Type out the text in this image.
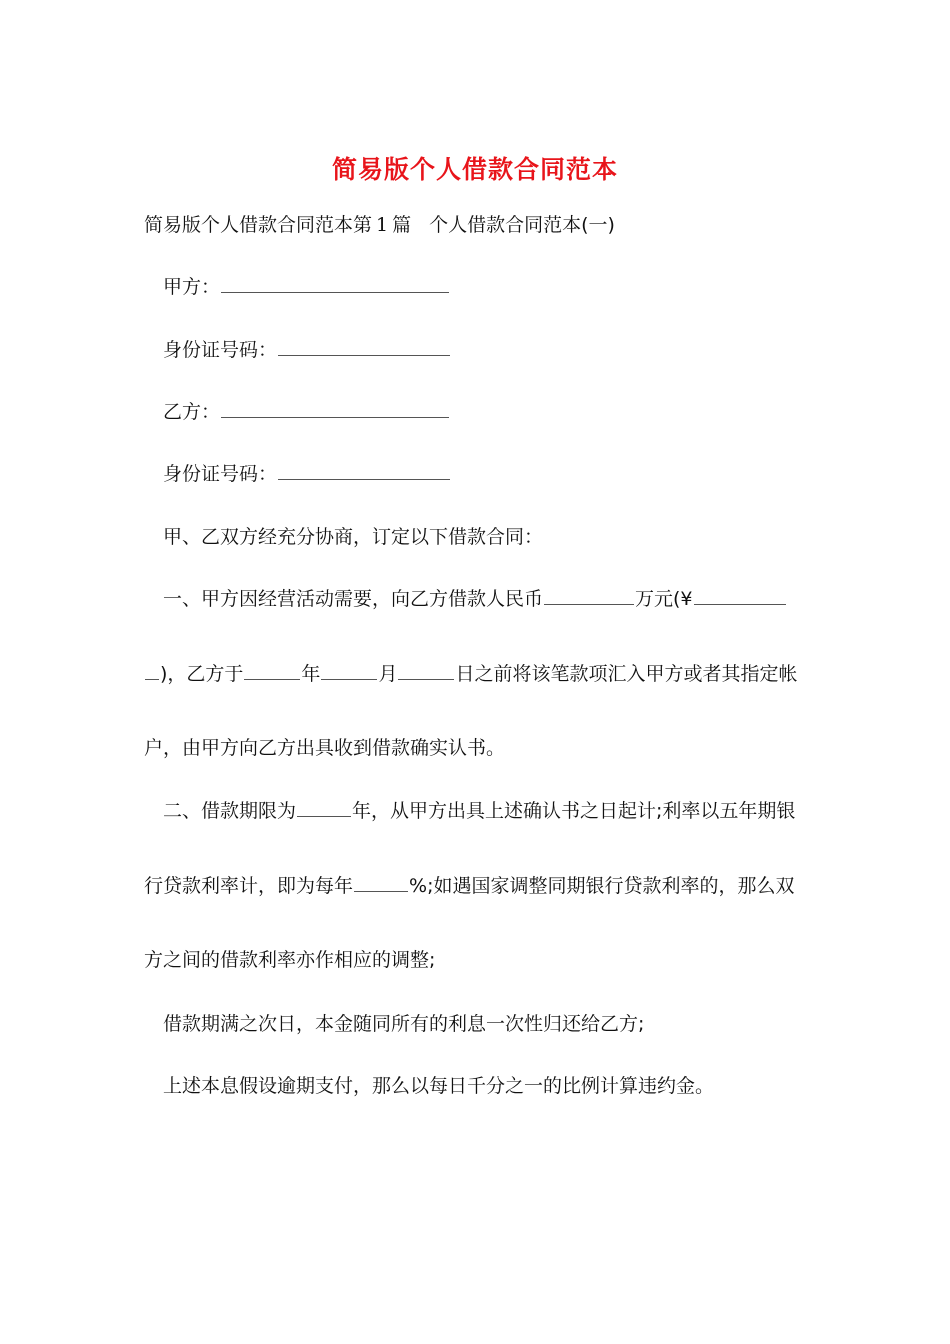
简易版个人借款合同范本
简易版个人借款合同范本第 1 篇 个人借款合同范本(一)
甲方：
身份证号码：
乙方：
身份证号码：
甲、乙双方经充分协商，订定以下借款合同：
一、甲方因经营活动需要，向乙方借款人民币	万元(¥
)，乙方于	年	月	日之前将该笔款项汇入甲方或者其指定帐
户，由甲方向乙方出具收到借款确实认书。
二、借款期限为	年，从甲方出具上述确认书之日起计;利率以五年期银
行贷款利率计，即为每年	%;如遇国家调整同期银行贷款利率的，那么双
方之间的借款利率亦作相应的调整;
借款期满之次日，本金随同所有的利息一次性归还给乙方;
上述本息假设逾期支付，那么以每日千分之一的比例计算违约金。
